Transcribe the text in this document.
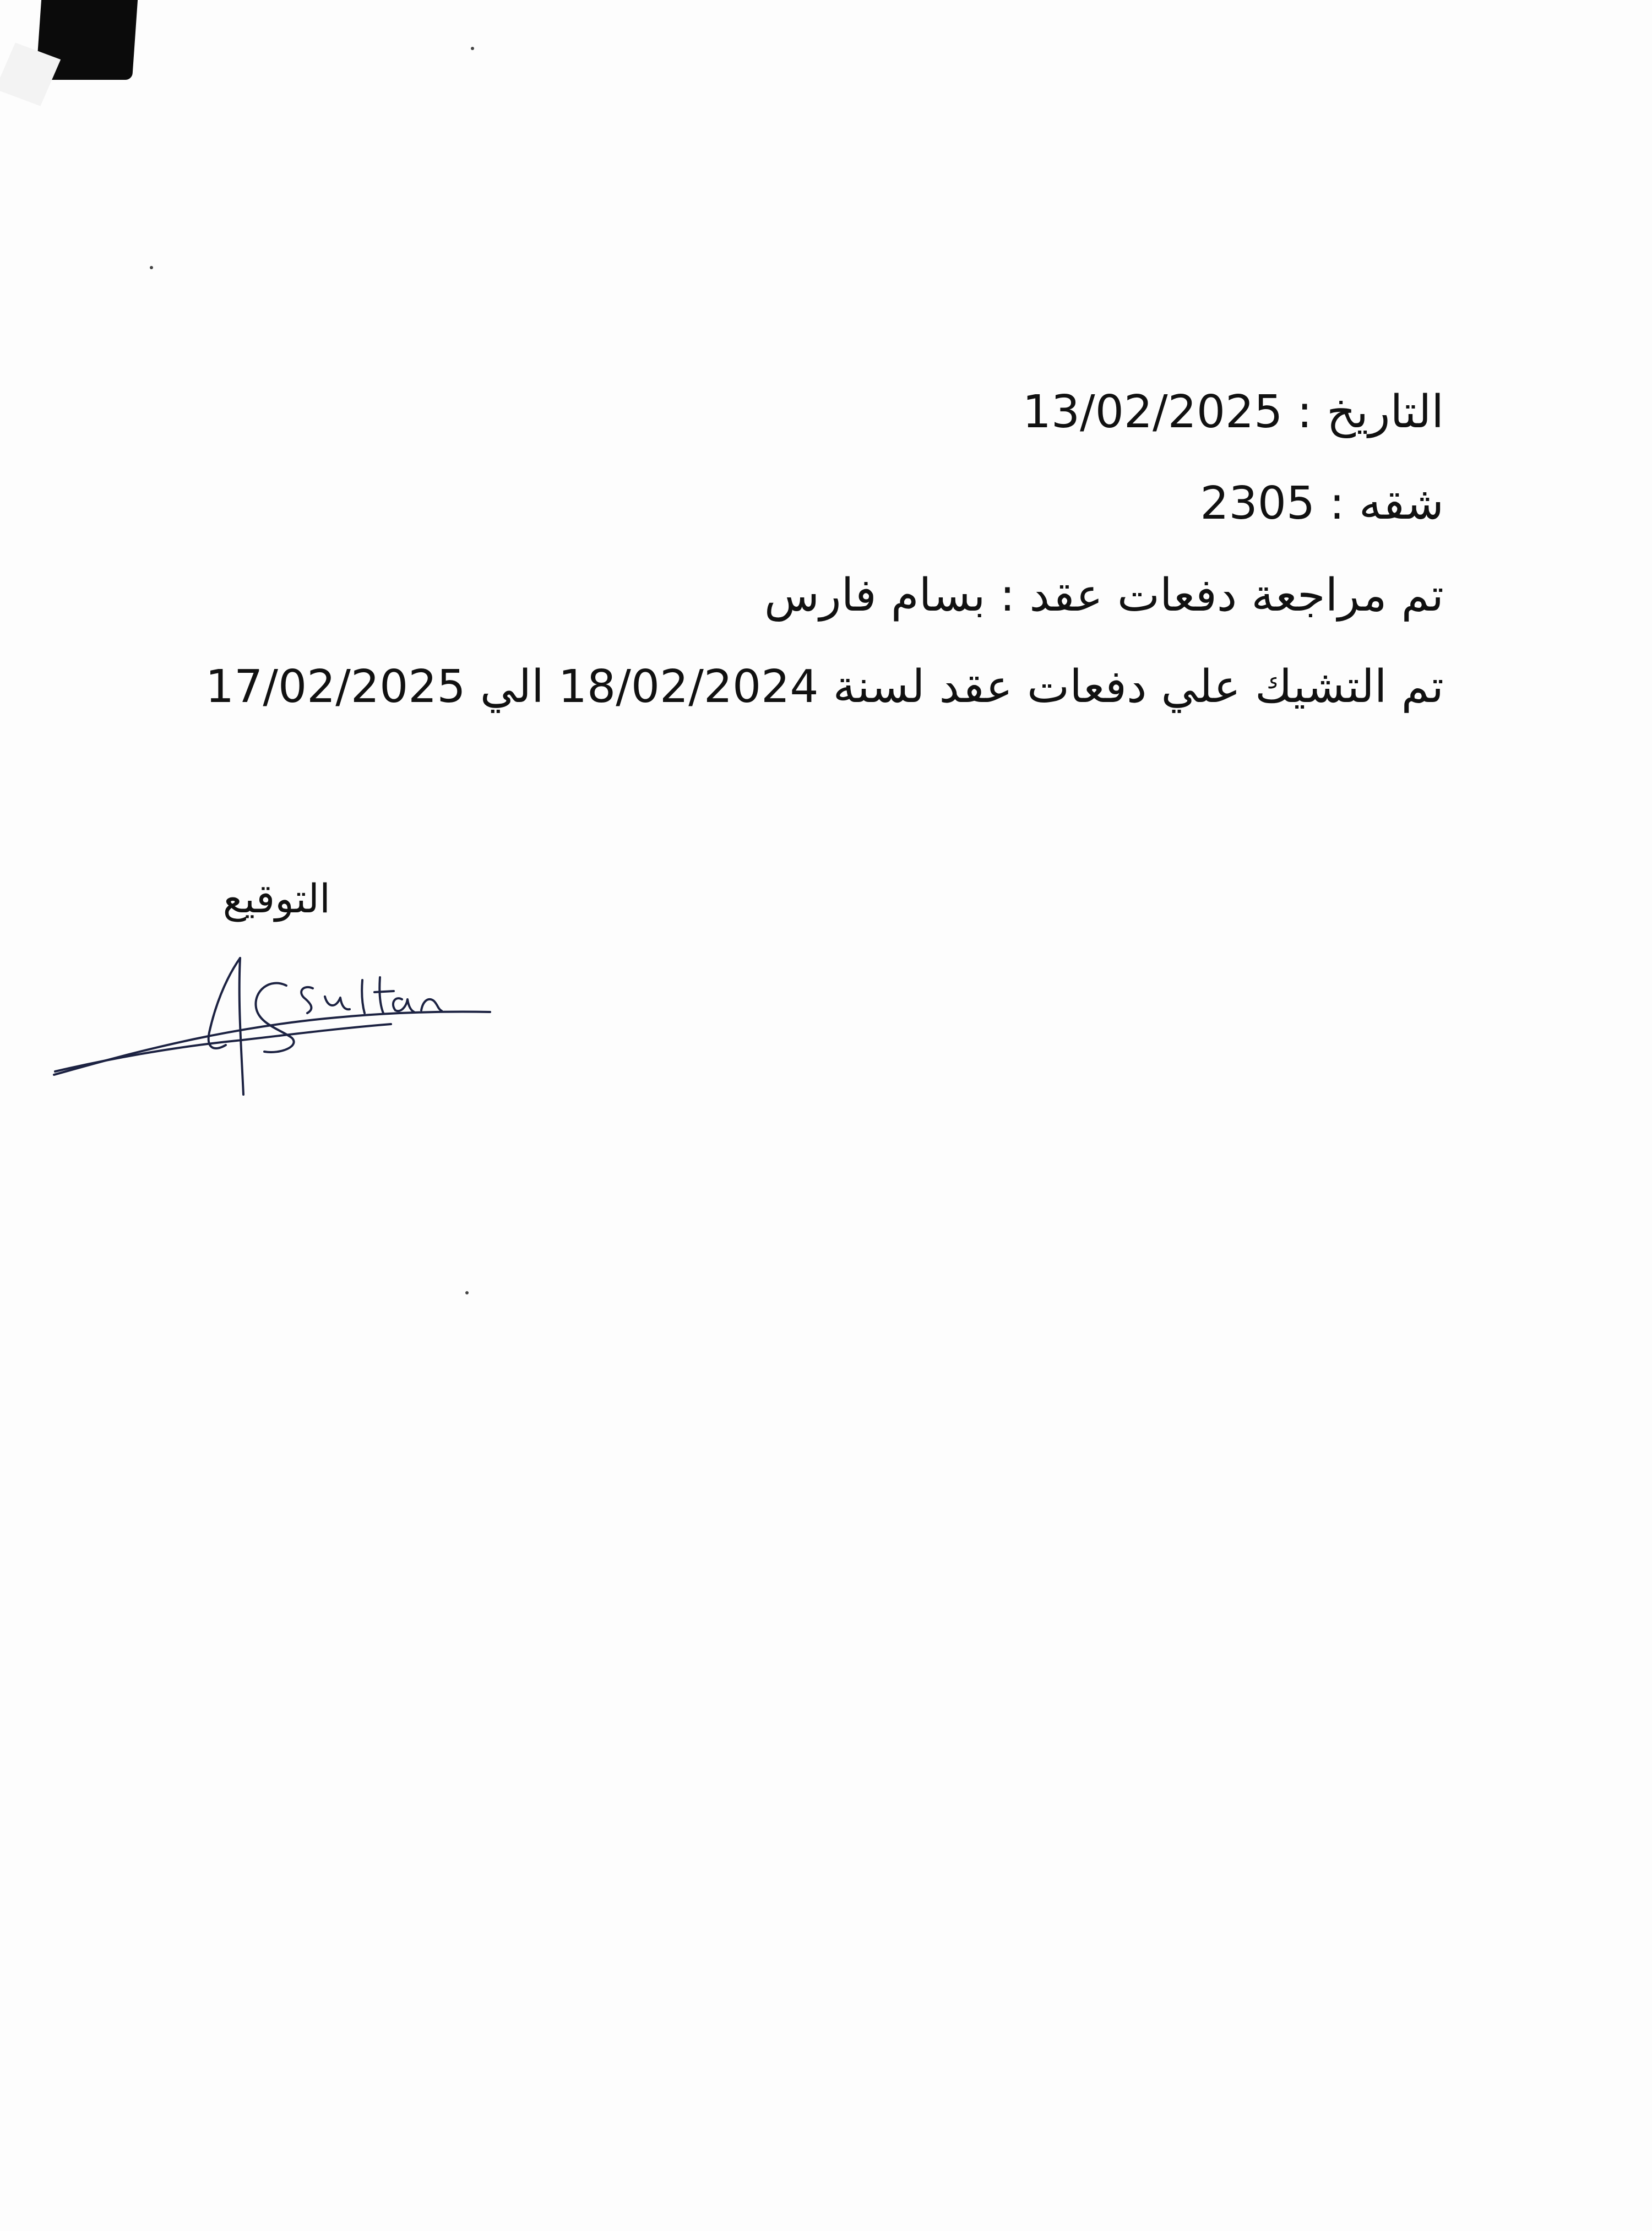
التاريخ : 13/02/2025

شقه : 2305

تم مراجعة دفعات عقد : بسام فارس

تم التشيك علي دفعات عقد لسنة 18/02/2024 الي 17/02/2025

التوقيع
